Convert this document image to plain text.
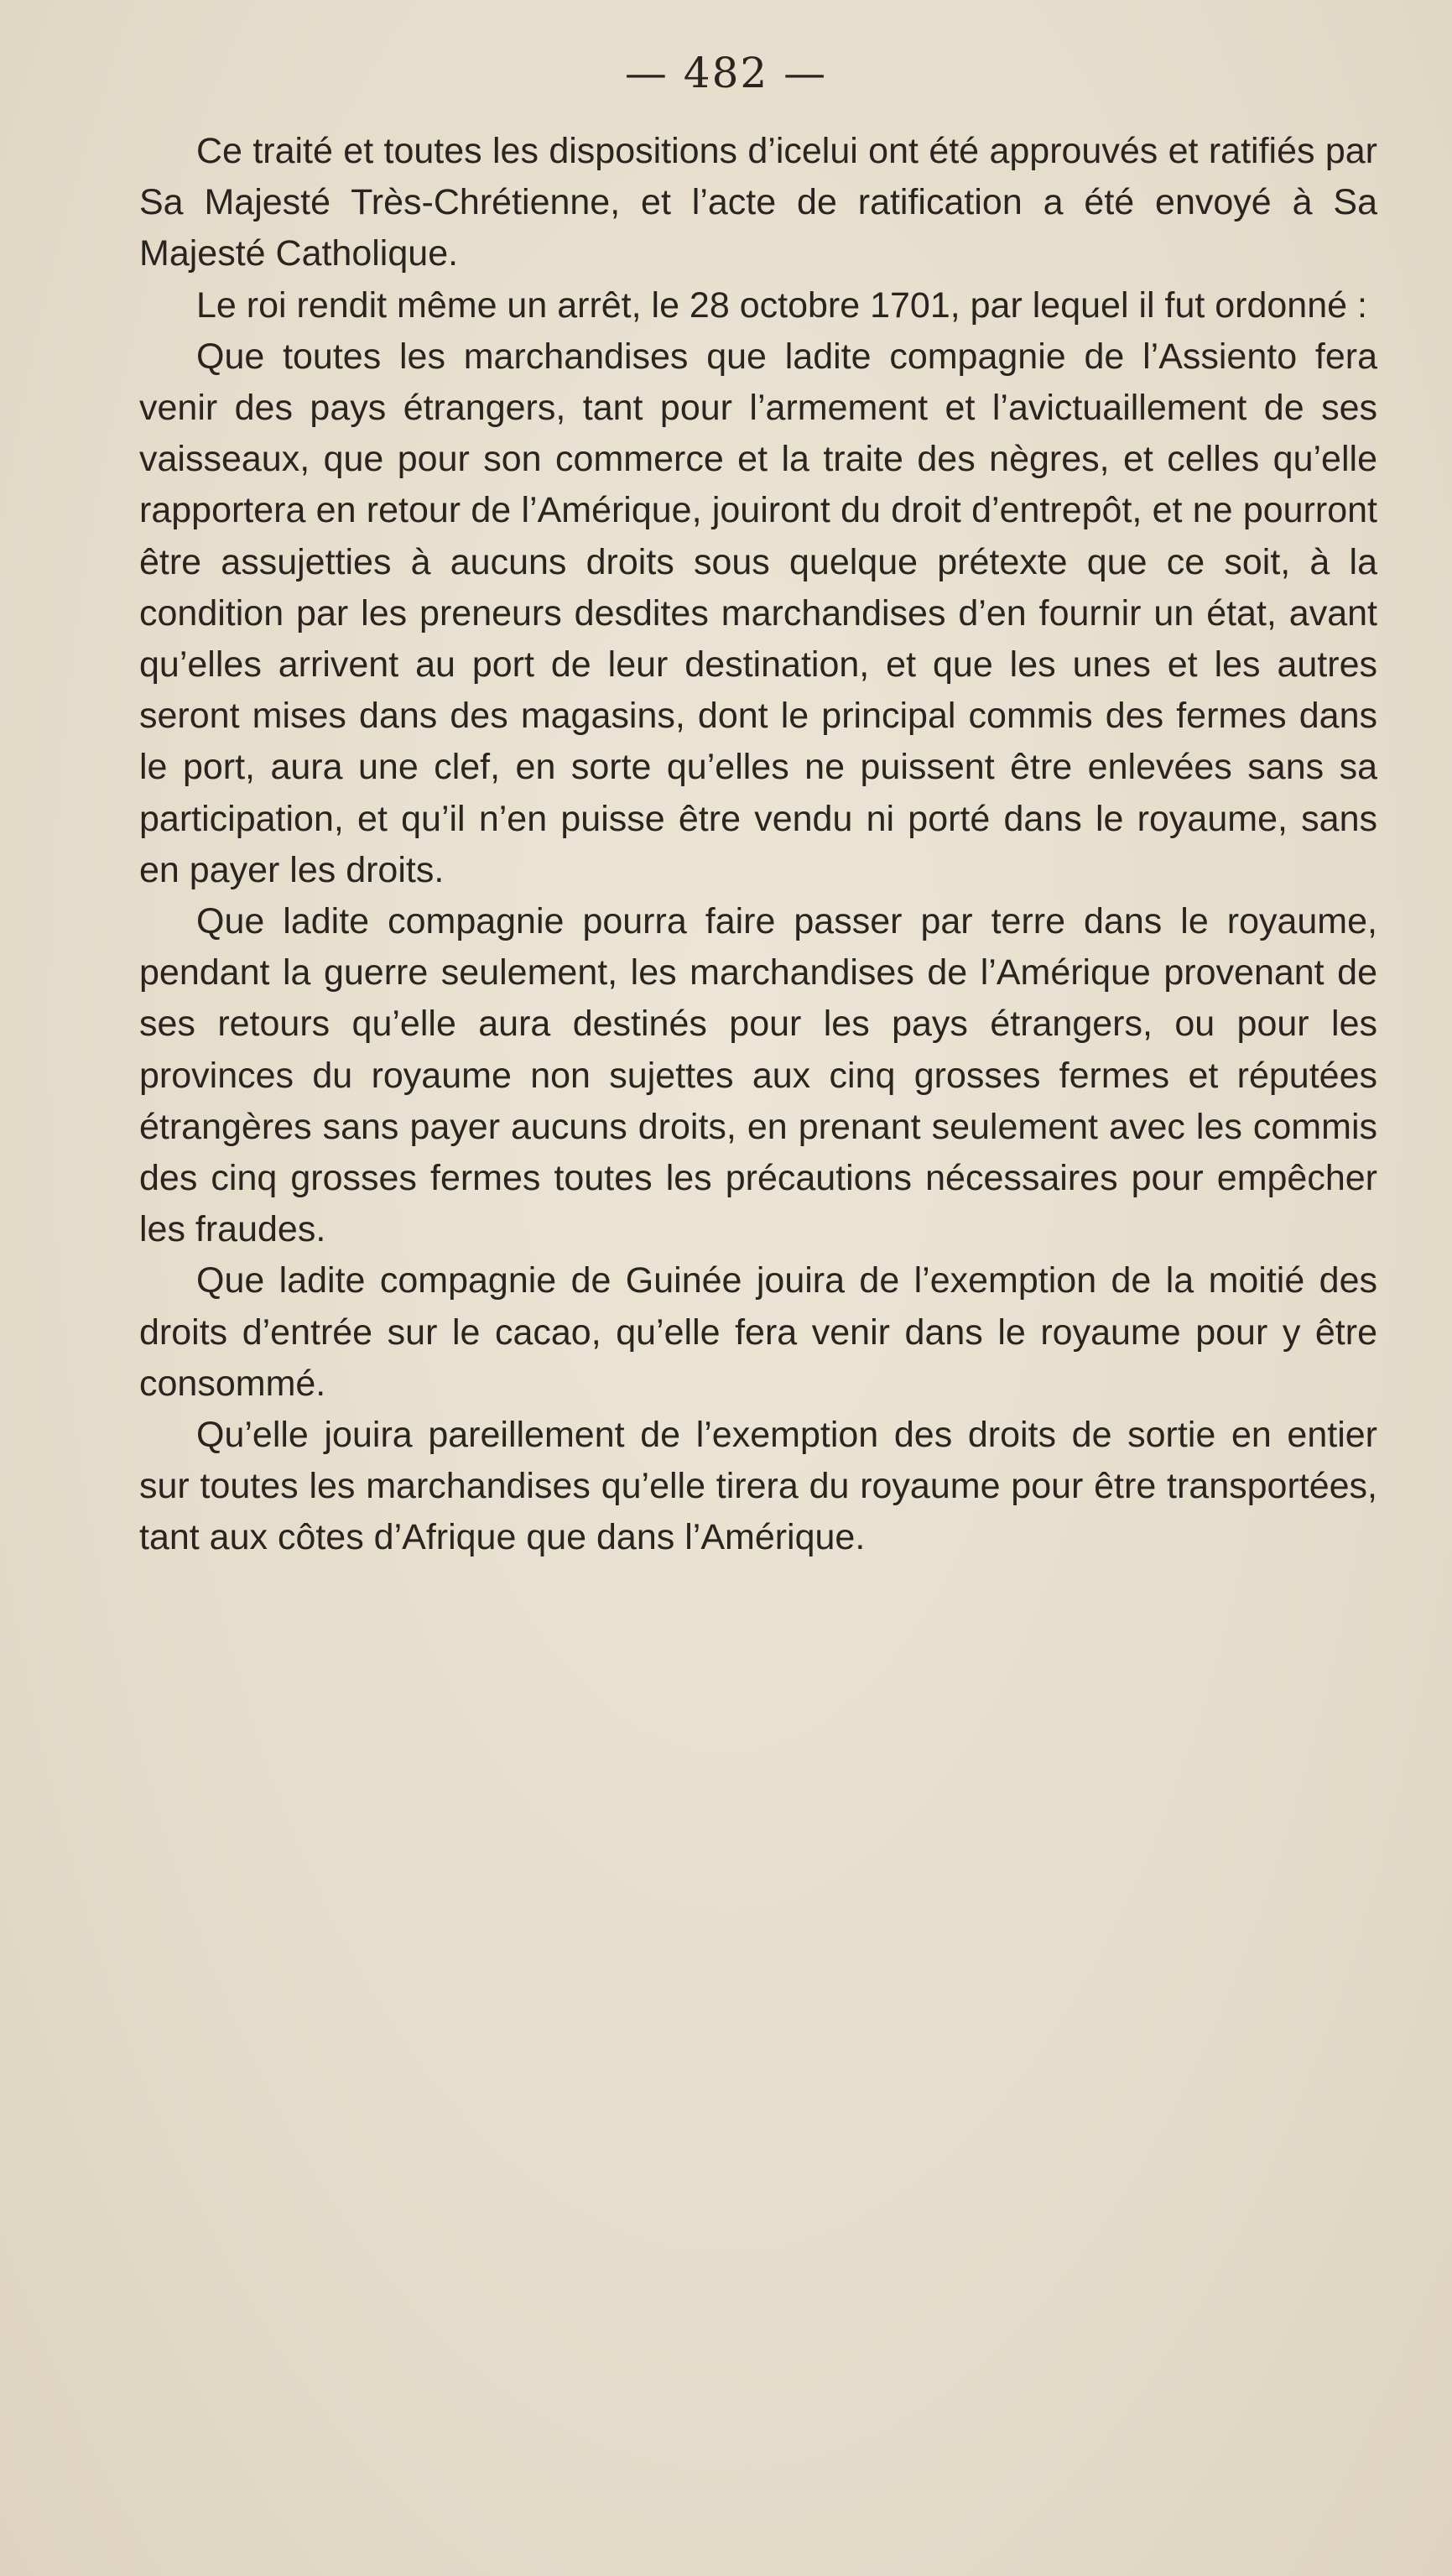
— 482 —

Ce traité et toutes les dispositions d’icelui ont été approuvés et ratifiés par Sa Majesté Très-Chrétienne, et l’acte de ratification a été envoyé à Sa Majesté Catholique.

Le roi rendit même un arrêt, le 28 octobre 1701, par lequel il fut ordonné :

Que toutes les marchandises que ladite compagnie de l’Assiento fera venir des pays étrangers, tant pour l’armement et l’avictuaillement de ses vaisseaux, que pour son commerce et la traite des nègres, et celles qu’elle rapportera en retour de l’Amérique, jouiront du droit d’entrepôt, et ne pourront être assujetties à aucuns droits sous quelque prétexte que ce soit, à la condition par les preneurs desdites marchandises d’en fournir un état, avant qu’elles arrivent au port de leur destination, et que les unes et les autres seront mises dans des magasins, dont le principal commis des fermes dans le port, aura une clef, en sorte qu’elles ne puissent être enlevées sans sa participation, et qu’il n’en puisse être vendu ni porté dans le royaume, sans en payer les droits.

Que ladite compagnie pourra faire passer par terre dans le royaume, pendant la guerre seulement, les marchandises de l’Amérique provenant de ses retours qu’elle aura destinés pour les pays étrangers, ou pour les provinces du royaume non sujettes aux cinq grosses fermes et réputées étrangères sans payer aucuns droits, en prenant seulement avec les commis des cinq grosses fermes toutes les précautions nécessaires pour empêcher les fraudes.

Que ladite compagnie de Guinée jouira de l’exemption de la moitié des droits d’entrée sur le cacao, qu’elle fera venir dans le royaume pour y être consommé.

Qu’elle jouira pareillement de l’exemption des droits de sortie en entier sur toutes les marchandises qu’elle tirera du royaume pour être transportées, tant aux côtes d’Afrique que dans l’Amérique.
